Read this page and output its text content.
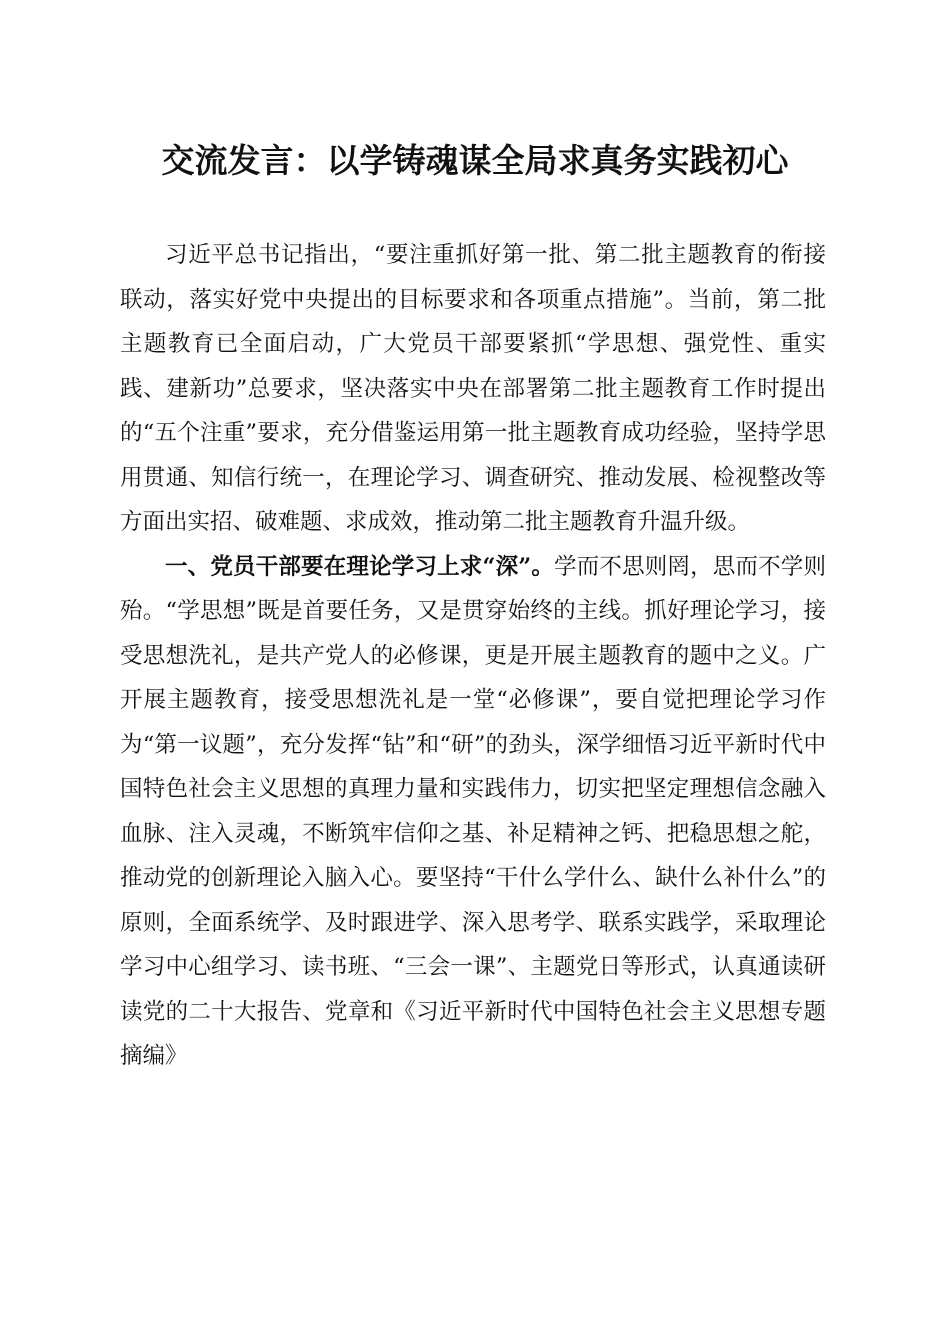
交流发言：以学铸魂谋全局求真务实践初心

习近平总书记指出，“要注重抓好第一批、第二批主题教育的衔接联动，落实好党中央提出的目标要求和各项重点措施”。当前，第二批主题教育已全面启动，广大党员干部要紧抓“学思想、强党性、重实践、建新功”总要求，坚决落实中央在部署第二批主题教育工作时提出的“五个注重”要求，充分借鉴运用第一批主题教育成功经验，坚持学思用贯通、知信行统一，在理论学习、调查研究、推动发展、检视整改等方面出实招、破难题、求成效，推动第二批主题教育升温升级。

一、党员干部要在理论学习上求“深”。学而不思则罔，思而不学则殆。“学思想”既是首要任务，又是贯穿始终的主线。抓好理论学习，接受思想洗礼，是共产党人的必修课，更是开展主题教育的题中之义。广开展主题教育，接受思想洗礼是一堂“必修课”，要自觉把理论学习作为“第一议题”，充分发挥“钻”和“研”的劲头，深学细悟习近平新时代中国特色社会主义思想的真理力量和实践伟力，切实把坚定理想信念融入血脉、注入灵魂，不断筑牢信仰之基、补足精神之钙、把稳思想之舵，推动党的创新理论入脑入心。要坚持“干什么学什么、缺什么补什么”的原则，全面系统学、及时跟进学、深入思考学、联系实践学，采取理论学习中心组学习、读书班、“三会一课”、主题党日等形式，认真通读研读党的二十大报告、党章和《习近平新时代中国特色社会主义思想专题摘编》
